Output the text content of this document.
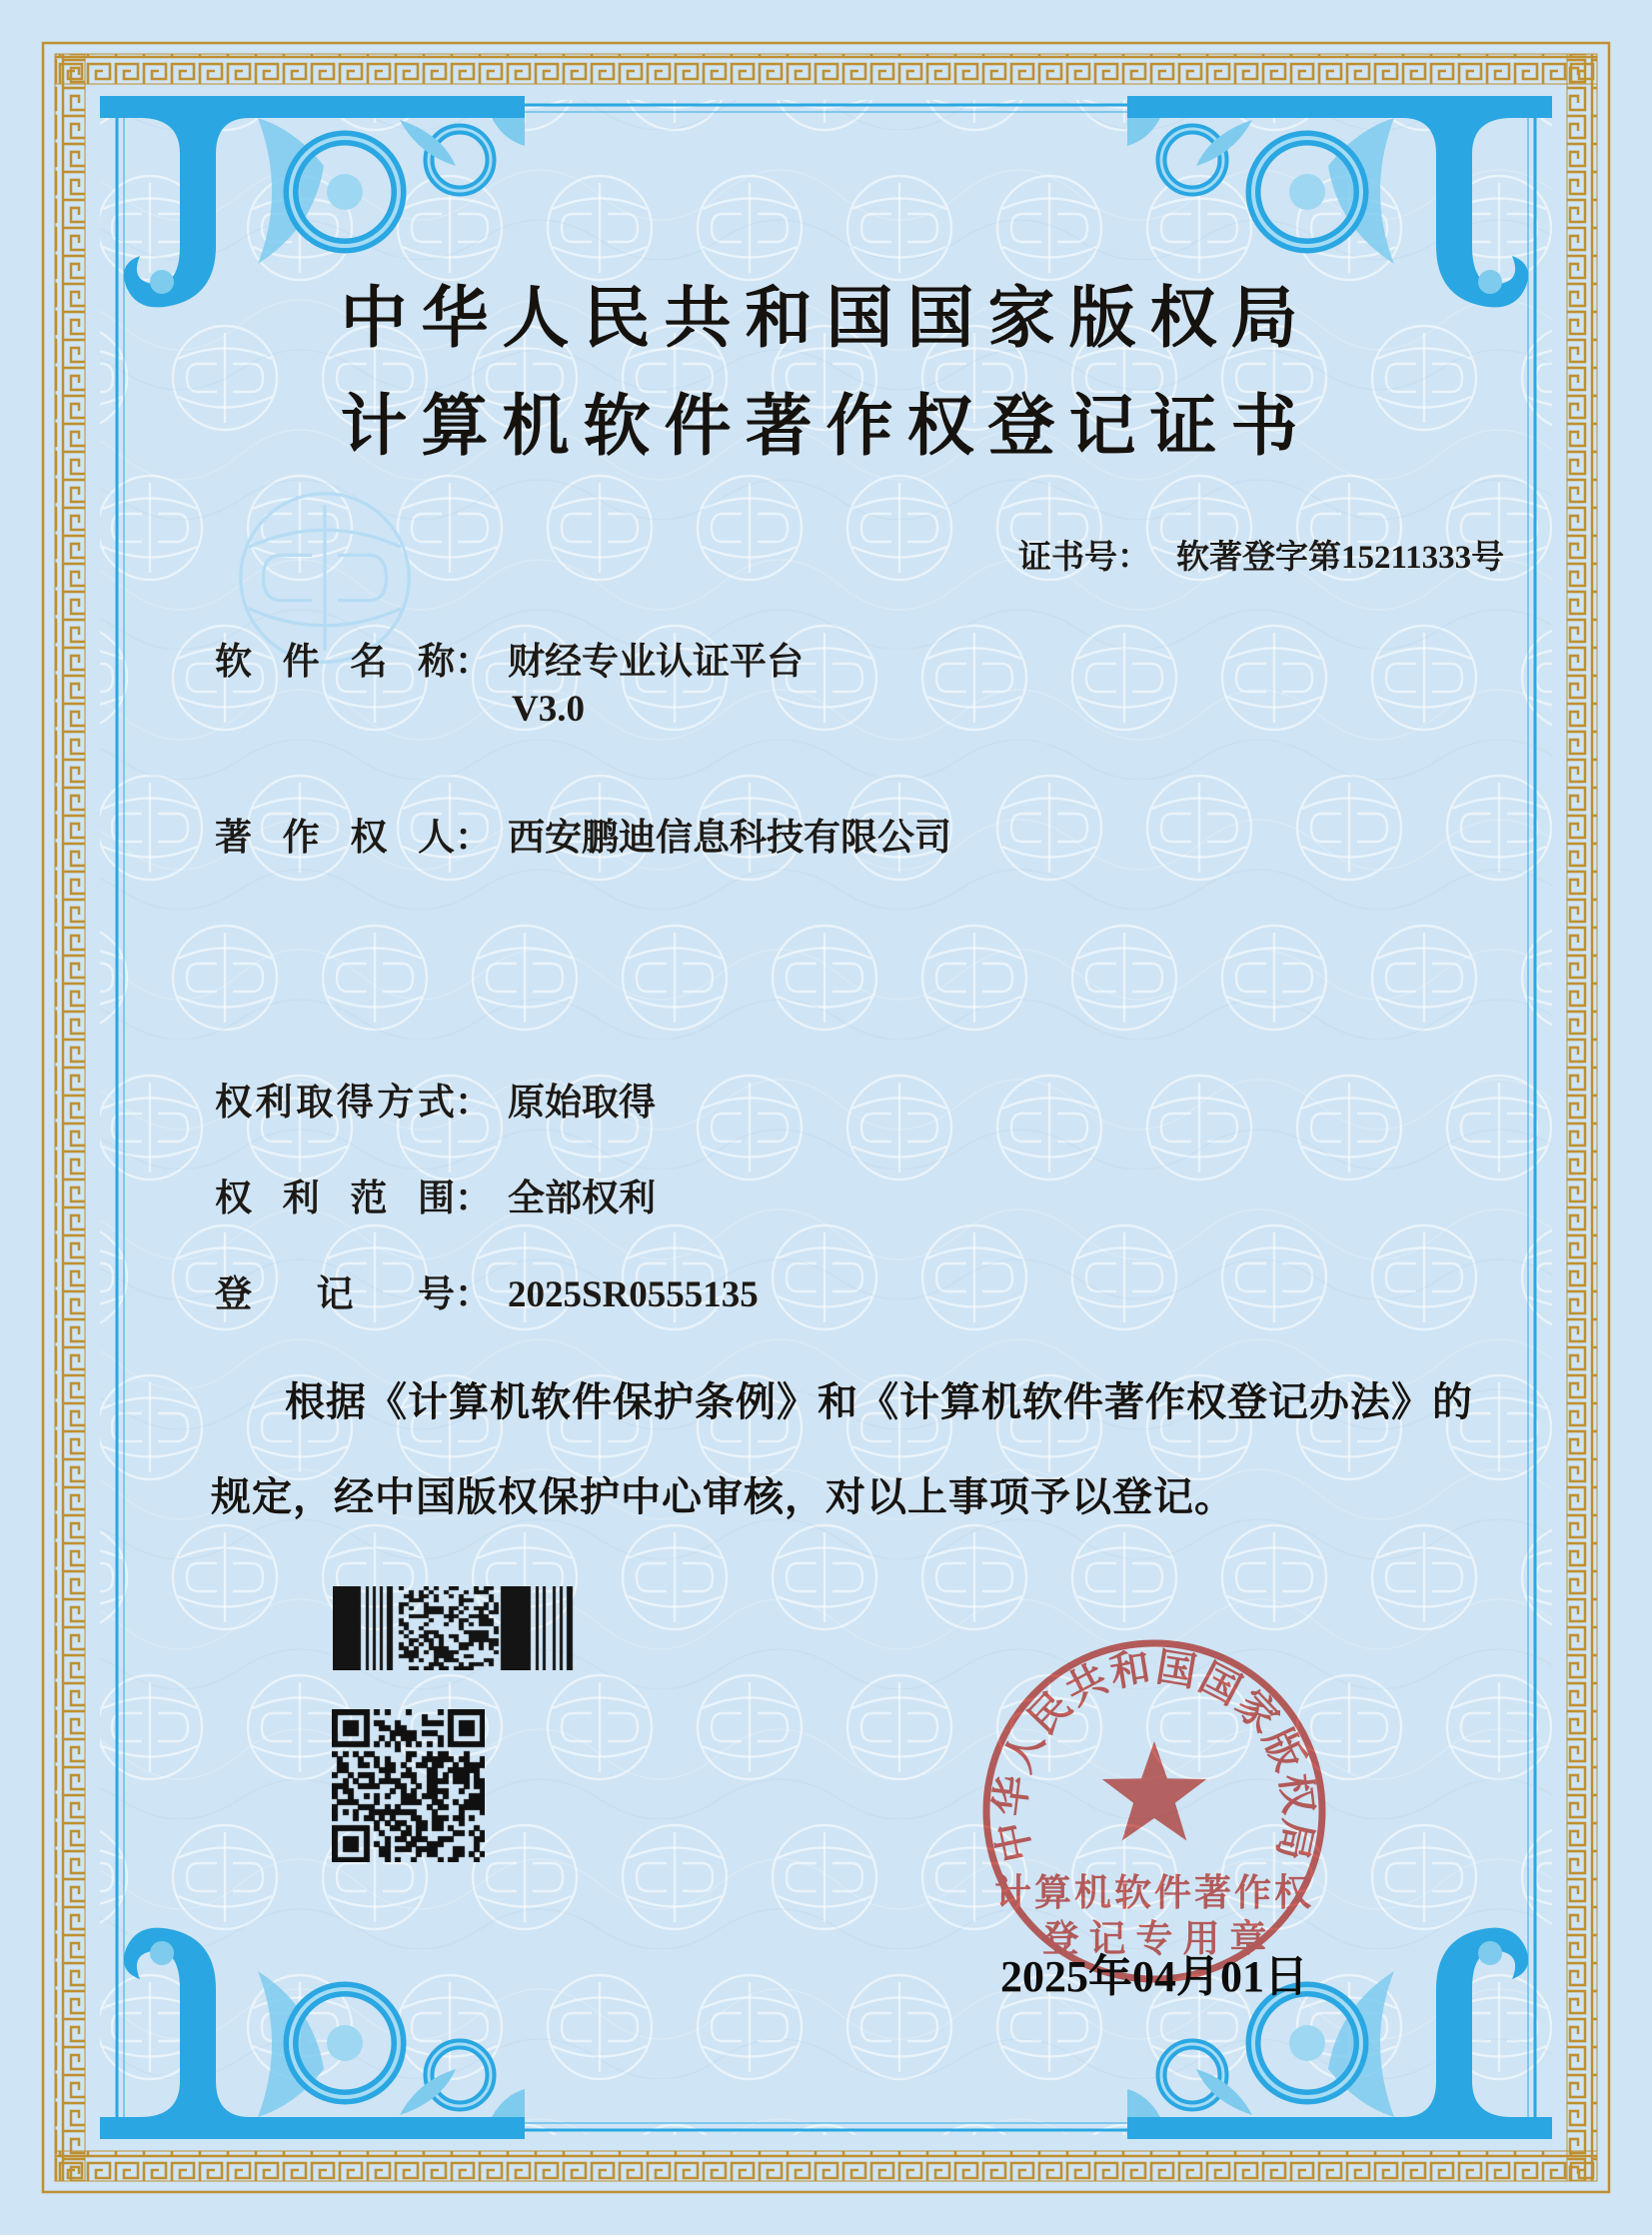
中华人民共和国国家版权局
计算机软件著作权
登记专用章
中华人民共和国国家版权局
计算机软件著作权登记证书
证书号： 软著登字第15211333号
软件名称： 财经专业认证平台
V3.0
著作权人： 西安鹏迪信息科技有限公司
权利取得方式： 原始取得
权利范围： 全部权利
登记号： 2025SR0555135
根据《计算机软件保护条例》和《计算机软件著作权登记办法》的
规定，经中国版权保护中心审核，对以上事项予以登记。
2025年04月01日
